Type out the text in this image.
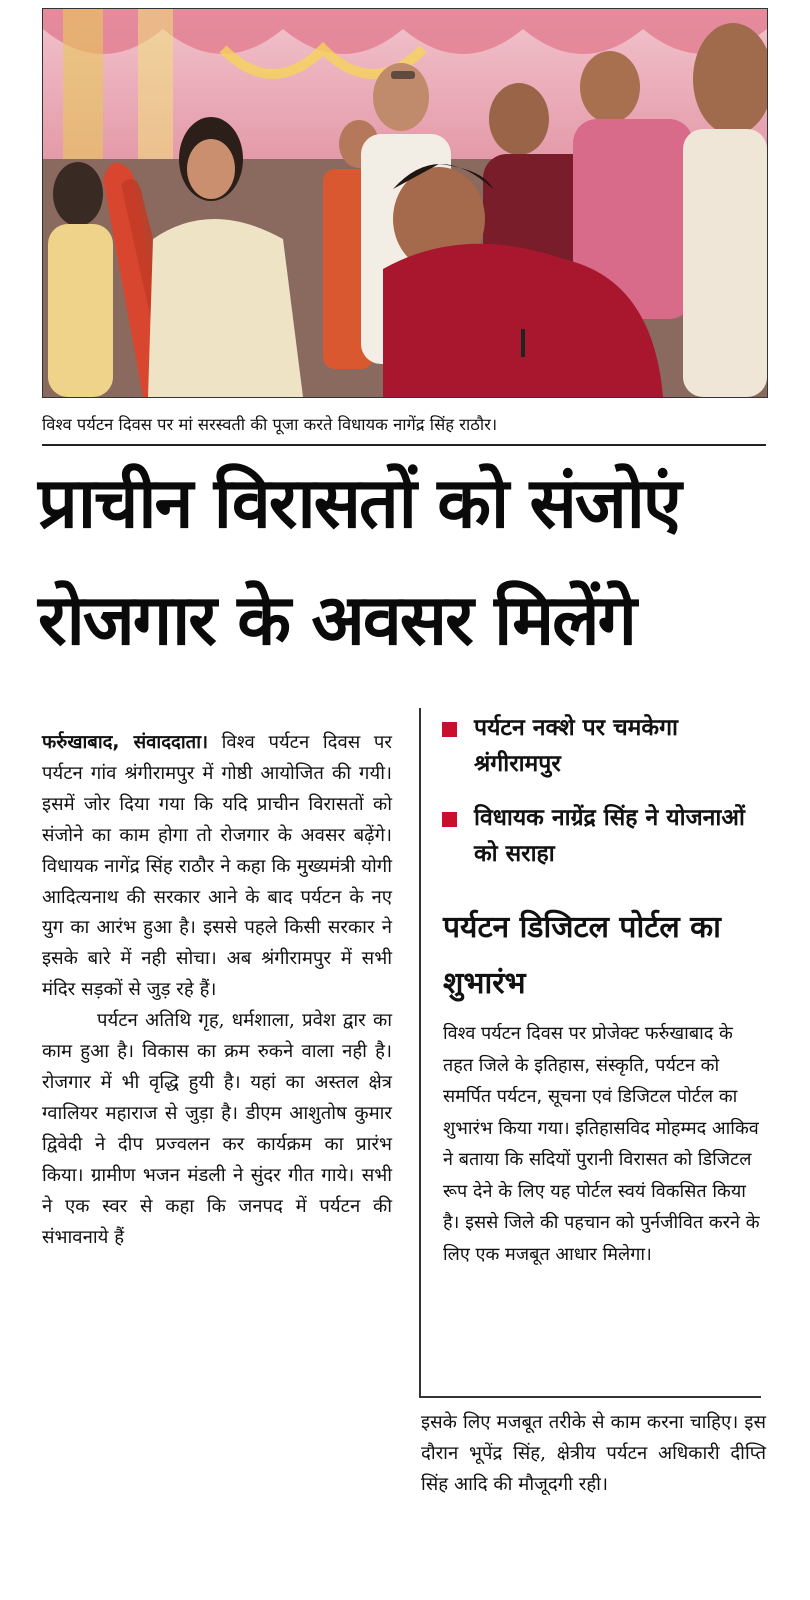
विश्व पर्यटन दिवस पर मां सरस्वती की पूजा करते विधायक नागेंद्र सिंह राठौर।
प्राचीन विरासतों को संजोएं
रोजगार के अवसर मिलेंगे

फर्रुखाबाद, संवाददाता। विश्व पर्यटन दिवस पर पर्यटन गांव श्रंगीरामपुर में गोष्ठी आयोजित की गयी। इसमें जोर दिया गया कि यदि प्राचीन विरासतों को संजोने का काम होगा तो रोजगार के अवसर बढ़ेंगे। विधायक नागेंद्र सिंह राठौर ने कहा कि मुख्यमंत्री योगी आदित्यनाथ की सरकार आने के बाद पर्यटन के नए युग का आरंभ हुआ है। इससे पहले किसी सरकार ने इसके बारे में नही सोचा। अब श्रंगीरामपुर में सभी मंदिर सड़कों से जुड़ रहे हैं।

पर्यटन अतिथि गृह, धर्मशाला, प्रवेश द्वार का काम हुआ है। विकास का क्रम रुकने वाला नही है। रोजगार में भी वृद्धि हुयी है। यहां का अस्तल क्षेत्र ग्वालियर महाराज से जुड़ा है। डीएम आशुतोष कुमार द्विवेदी ने दीप प्रज्वलन कर कार्यक्रम का प्रारंभ किया। ग्रामीण भजन मंडली ने सुंदर गीत गाये। सभी ने एक स्वर से कहा कि जनपद में पर्यटन की संभावनाये हैं

पर्यटन नक्शे पर चमकेगा श्रंगीरामपुर
विधायक नाग्रेंद्र सिंह ने योजनाओं को सराहा
पर्यटन डिजिटल पोर्टल का शुभारंभ
विश्व पर्यटन दिवस पर प्रोजेक्ट फर्रुखाबाद के तहत जिले के इतिहास, संस्कृति, पर्यटन को समर्पित पर्यटन, सूचना एवं डिजिटल पोर्टल का शुभारंभ किया गया। इतिहासविद मोहम्मद आकिव ने बताया कि सदियों पुरानी विरासत को डिजिटल रूप देने के लिए यह पोर्टल स्वयं विकसित किया है। इससे जिले की पहचान को पुर्नजीवित करने के लिए एक मजबूत आधार मिलेगा।
इसके लिए मजबूत तरीके से काम करना चाहिए। इस दौरान भूपेंद्र सिंह, क्षेत्रीय पर्यटन अधिकारी दीप्ति सिंह आदि की मौजूदगी रही।
